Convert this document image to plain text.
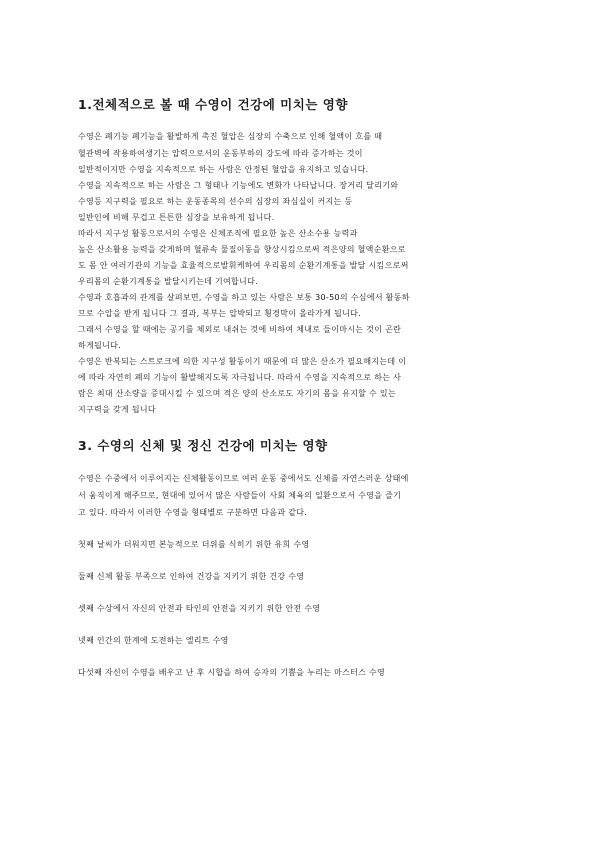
1.전체적으로 볼 때 수영이 건강에 미치는 영향
수영은 폐기능 폐기능을 활발하게 촉진 혈압은 심장의 수축으로 인해 혈액이 흐를 때
혈관벽에 작용하여생기는 압력으로서의 운동부하의 강도에 따라 증가하는 것이
일반적이지만 수영을 지속적으로 하는 사람은 안정된 혈압을 유지하고 있습니다.
수영을 지속적으로 하는 사람은 그 형태나 기능에도 변화가 나타납니다. 장거리 달리기와
수영등 지구력을 필요로 하는 운동종목의 선수의 심장의 좌심실이 커지는 등
일반인에 비해 무겁고 튼튼한 심장을 보유하게 됩니다.
따라서 지구성 활동으로서의 수영은 신체조직에 필요한 높은 산소수용 능력과
높은 산소활용 능력을 갖게하며 혈류속 물질이동을 향상시킴으로써 적은양의 혈액순환으로
도 몸 안 여러기관의 기능을 효율적으로발휘케하여 우리몸의 순환기계통을 발달 시킴으로써
우리몸의 순환기계통을 발달시키는데 기여합니다.
수영과 호흡과의 관계를 살펴보면, 수영을 하고 있는 사람은 보통 30-50의 수심에서 활동하
므로 수압을 받게 됩니다 그 결과, 복부는 압박되고 횡경막이 올라가게 됩니다.
그래서 수영을 할 때에는 공기를 체외로 내쉬는 것에 비하여 체내로 들이마시는 것이 곤란
하게됩니다.
수영은 반복되는 스트로크에 의한 지구성 활동이기 때문에 더 많은 산소가 필요해지는데 이
에 따라 자연히 폐의 기능이 활발해지도록 자극됩니다. 따라서 수영을 지속적으로 하는 사
람은 최대 산소량을 증대시킬 수 있으며 적은 양의 산소로도 자기의 몸을 유지할 수 있는
지구력을 갖게 됩니다
3. 수영의 신체 및 정신 건강에 미치는 영향
수영은 수중에서 이루어지는 신체활동이므로 여러 운동 중에서도 신체를 자연스러운 상태에
서 움직이게 해주므로, 현대에 있어서 많은 사람들이 사회 체육의 일환으로서 수영을 즐기
고 있다. 따라서 이러한 수영을 형태별로 구분하면 다음과 같다.
첫째 날씨가 더워지면 본능적으로 더위를 식히기 위한 유희 수영
둘째 신체 활동 부족으로 인하여 건강을 지키기 위한 건강 수영
셋째 수상에서 자신의 안전과 타인의 안전을 지키기 위한 안전 수영
넷째 인간의 한계에 도전하는 엘리트 수영
다섯째 자신이 수영을 배우고 난 후 시합을 하여 승자의 기쁨을 누리는 마스터스 수영
